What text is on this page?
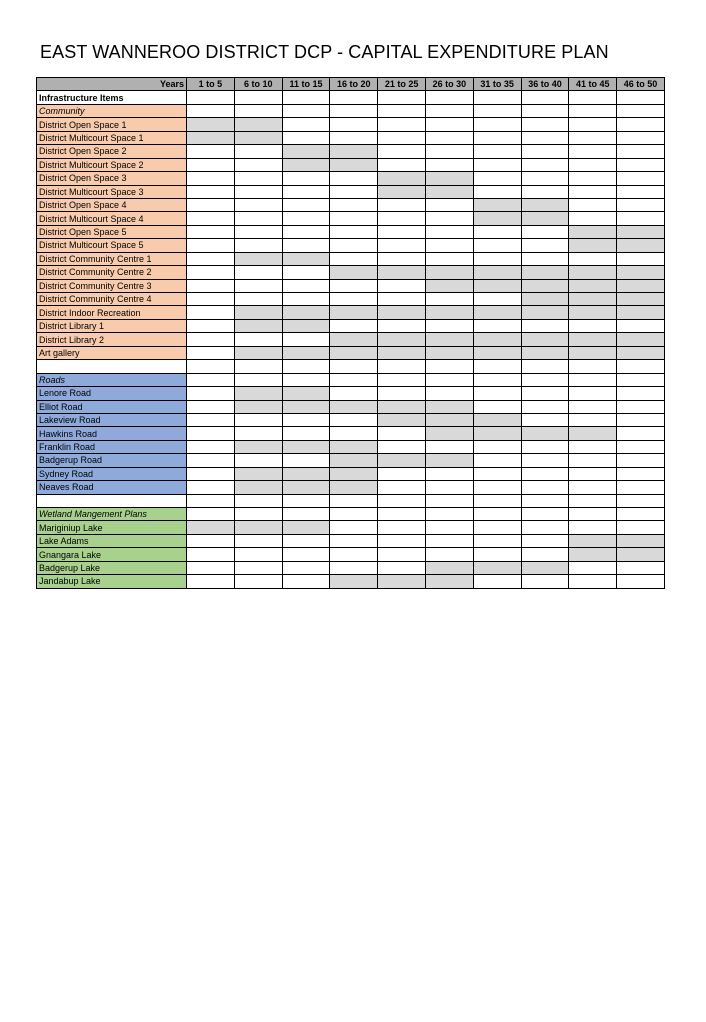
EAST WANNEROO DISTRICT DCP - CAPITAL EXPENDITURE PLAN
Years	1 to 5	6 to 10	11 to 15	16 to 20	21 to 25	26 to 30	31 to 35	36 to 40	41 to 45	46 to 50
Infrastructure Items										
Community										
District Open Space 1										
District Multicourt Space 1										
District Open Space 2										
District Multicourt Space 2										
District Open Space 3										
District Multicourt Space 3										
District Open Space 4										
District Multicourt Space 4										
District Open Space 5										
District Multicourt Space 5										
District Community Centre 1										
District Community Centre 2										
District Community Centre 3										
District Community Centre 4										
District Indoor Recreation										
District Library 1										
District Library 2										
Art gallery										

Roads										
Lenore Road										
Elliot Road										
Lakeview Road										
Hawkins Road										
Franklin Road										
Badgerup Road										
Sydney Road										
Neaves Road										

Wetland Mangement Plans										
Mariginiup Lake										
Lake Adams										
Gnangara Lake										
Badgerup Lake										
Jandabup Lake										
